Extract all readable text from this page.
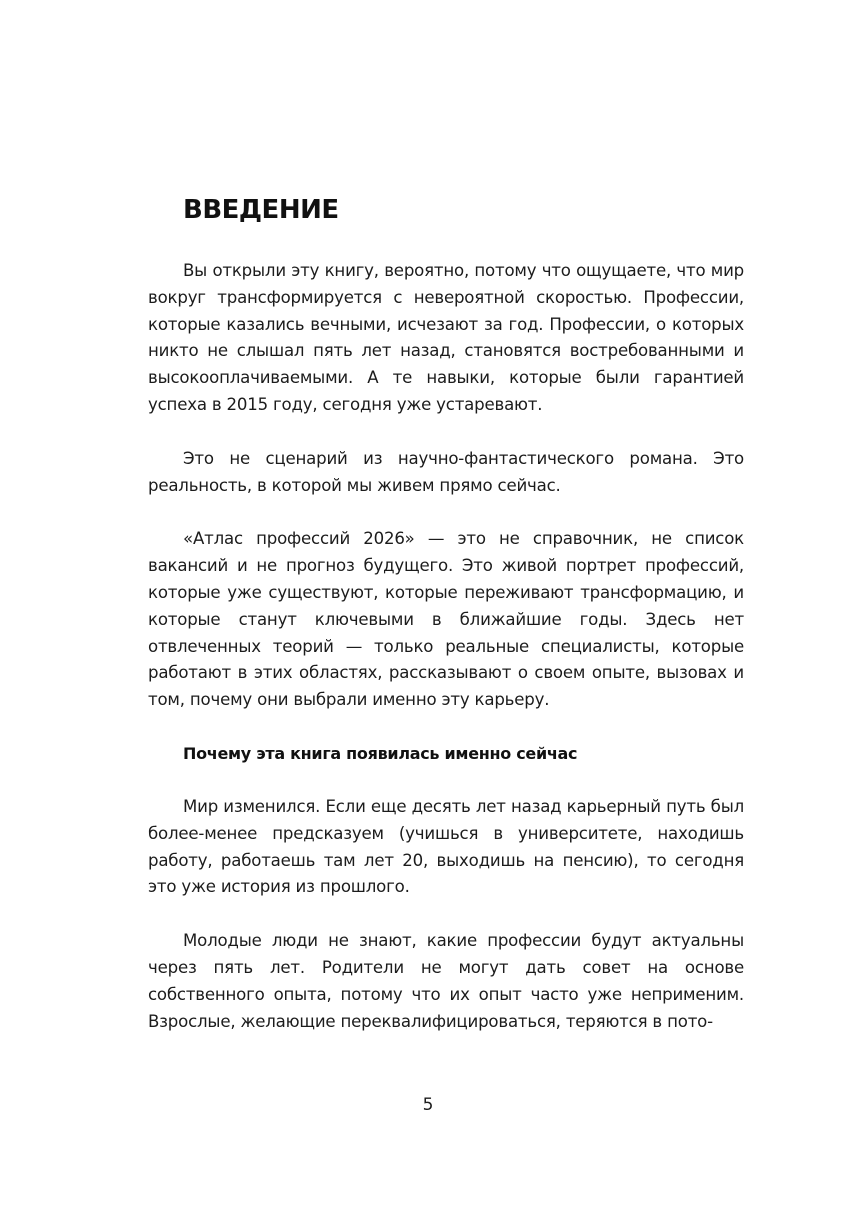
ВВЕДЕНИЕ

Вы открыли эту книгу, вероятно, потому что ощущаете, что мир вокруг трансформируется с невероятной скоростью. Профессии, которые казались вечными, исчезают за год. Профессии, о которых никто не слышал пять лет назад, становятся востребованными и высокооплачиваемыми. А те навыки, которые были гарантией успеха в 2015 году, сегодня уже устаревают.

Это не сценарий из научно-фантастического романа. Это реальность, в которой мы живем прямо сейчас.

«Атлас профессий 2026» — это не справочник, не список вакансий и не прогноз будущего. Это живой портрет профессий, которые уже существуют, которые переживают трансформацию, и которые станут ключевыми в ближайшие годы. Здесь нет отвлеченных теорий — только реальные специалисты, которые работают в этих областях, рассказывают о своем опыте, вызовах и том, почему они выбрали именно эту карьеру.

Почему эта книга появилась именно сейчас

Мир изменился. Если еще десять лет назад карьерный путь был более-менее предсказуем (учишься в университете, находишь работу, работаешь там лет 20, выходишь на пенсию), то сегодня это уже история из прошлого.

Молодые люди не знают, какие профессии будут актуальны через пять лет. Родители не могут дать совет на основе собственного опыта, потому что их опыт часто уже неприменим. Взрослые, желающие переквалифицироваться, теряются в пото-

5
